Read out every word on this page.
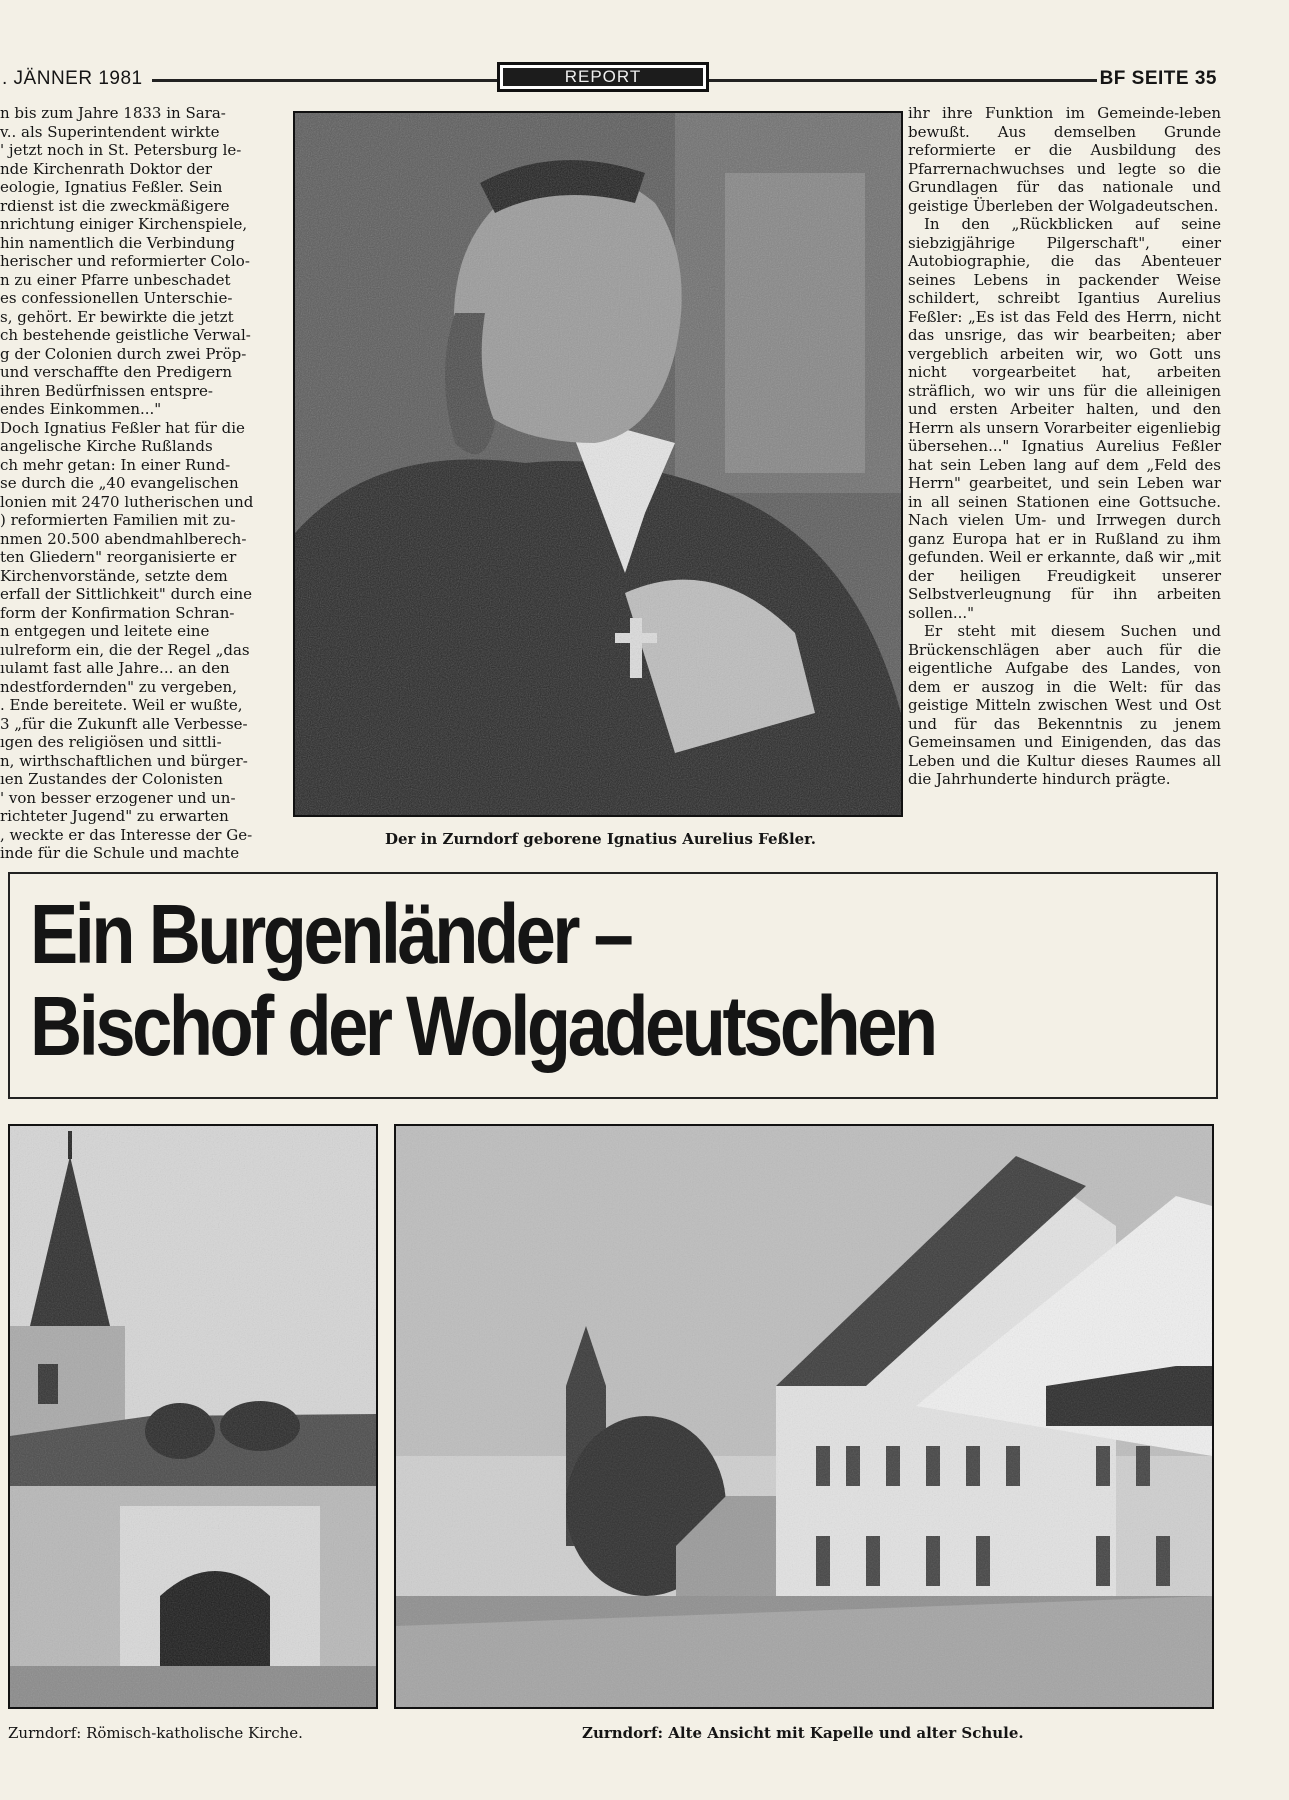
. JÄNNER 1981	REPORT	BF SEITE 35

n bis zum Jahre 1833 in Sara-

v.. als Superintendent wirkte

' jetzt noch in St. Petersburg le-

nde Kirchenrath Doktor der

eologie, Ignatius Feßler. Sein

rdienst ist die zweckmäßigere

nrichtung einiger Kirchenspiele,

hin namentlich die Verbindung

herischer und reformierter Colo-

n zu einer Pfarre unbeschadet

es confessionellen Unterschie-

s, gehört. Er bewirkte die jetzt

ch bestehende geistliche Verwal-

g der Colonien durch zwei Pröp-

und verschaffte den Predigern

ihren Bedürfnissen entspre-

endes Einkommen..."

Doch Ignatius Feßler hat für die

angelische Kirche Rußlands

ch mehr getan: In einer Rund-

se durch die „40 evangelischen

lonien mit 2470 lutherischen und

) reformierten Familien mit zu-

nmen 20.500 abendmahlberech-

ten Gliedern" reorganisierte er

Kirchenvorstände, setzte dem

erfall der Sittlichkeit" durch eine

form der Konfirmation Schran-

n entgegen und leitete eine

ıulreform ein, die der Regel „das

ıulamt fast alle Jahre... an den

ndestfordernden" zu vergeben,

. Ende bereitete. Weil er wußte,

3 „für die Zukunft alle Verbesse-

ıgen des religiösen und sittli-

n, wirthschaftlichen und bürger-

ıen Zustandes der Colonisten

' von besser erzogener und un-

richteter Jugend" zu erwarten

, weckte er das Interesse der Ge-

inde für die Schule und machte

Der in Zurndorf geborene Ignatius Aurelius Feßler.

ihr ihre Funktion im Gemeinde-leben bewußt. Aus demselben Grunde reformierte er die Ausbildung des Pfarrernachwuchses und legte so die Grundlagen für das nationale und geistige Überleben der Wolgadeutschen.

In den „Rückblicken auf seine siebzigjährige Pilgerschaft", einer Autobiographie, die das Abenteuer seines Lebens in packender Weise schildert, schreibt Igantius Aurelius Feßler: „Es ist das Feld des Herrn, nicht das unsrige, das wir bearbeiten; aber vergeblich arbeiten wir, wo Gott uns nicht vorgearbeitet hat, arbeiten sträflich, wo wir uns für die alleinigen und ersten Arbeiter halten, und den Herrn als unsern Vorarbeiter eigenliebig übersehen..." Ignatius Aurelius Feßler hat sein Leben lang auf dem „Feld des Herrn" gearbeitet, und sein Leben war in all seinen Stationen eine Gottsuche. Nach vielen Um- und Irrwegen durch ganz Europa hat er in Rußland zu ihm gefunden. Weil er erkannte, daß wir „mit der heiligen Freudigkeit unserer Selbstverleugnung für ihn arbeiten sollen..."

Er steht mit diesem Suchen und Brückenschlägen aber auch für die eigentliche Aufgabe des Landes, von dem er auszog in die Welt: für das geistige Mitteln zwischen West und Ost und für das Bekenntnis zu jenem Gemeinsamen und Einigenden, das das Leben und die Kultur dieses Raumes all die Jahrhunderte hindurch prägte.

Ein Burgenländer –
Bischof der Wolgadeutschen
Zurndorf: Römisch-katholische Kirche.	Zurndorf: Alte Ansicht mit Kapelle und alter Schule.
